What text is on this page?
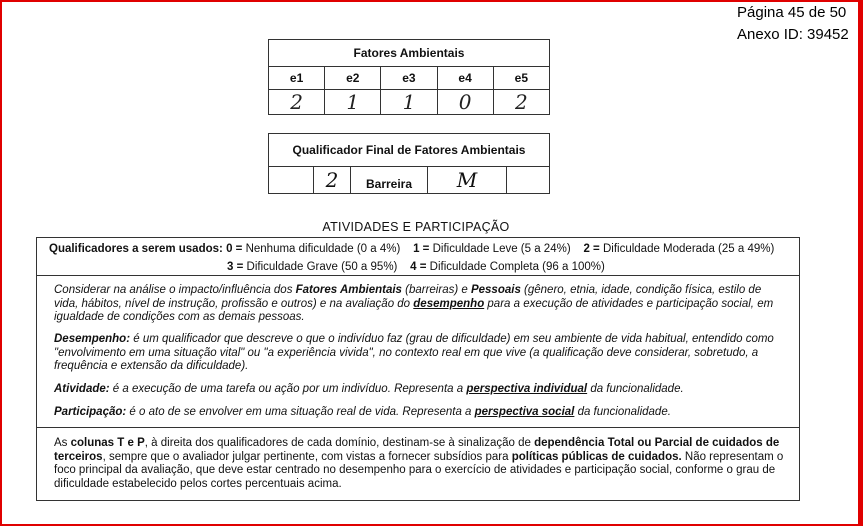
Página 45 de 50
Anexo ID: 39452
Fatores Ambientais				
e1	e2	e3	e4	e5
2	1	1	0	2
Qualificador Final de Fatores Ambientais
	2	Barreira	M	
ATIVIDADES E PARTICIPAÇÃO
Qualificadores a serem usados: 0 = Nenhuma dificuldade (0 a 4%) 1 = Dificuldade Leve (5 a 24%) 2 = Dificuldade Moderada (25 a 49%)
3 = Dificuldade Grave (50 a 95%) 4 = Dificuldade Completa (96 a 100%)

Considerar na análise o impacto/influência dos Fatores Ambientais (barreiras) e Pessoais (gênero, etnia, idade, condição física, estilo de vida, hábitos, nível de instrução, profissão e outros) e na avaliação do desempenho para a execução de atividades e participação social, em igualdade de condições com as demais pessoas.

Desempenho: é um qualificador que descreve o que o indivíduo faz (grau de dificuldade) em seu ambiente de vida habitual, entendido como "envolvimento em uma situação vital" ou "a experiência vivida", no contexto real em que vive (a qualificação deve considerar, sobretudo, a frequência e extensão da dificuldade).

Atividade: é a execução de uma tarefa ou ação por um indivíduo. Representa a perspectiva individual da funcionalidade.

Participação: é o ato de se envolver em uma situação real de vida. Representa a perspectiva social da funcionalidade.

As colunas T e P, à direita dos qualificadores de cada domínio, destinam-se à sinalização de dependência Total ou Parcial de cuidados de terceiros, sempre que o avaliador julgar pertinente, com vistas a fornecer subsídios para políticas públicas de cuidados. Não representam o foco principal da avaliação, que deve estar centrado no desempenho para o exercício de atividades e participação social, conforme o grau de dificuldade estabelecido pelos cortes percentuais acima.
